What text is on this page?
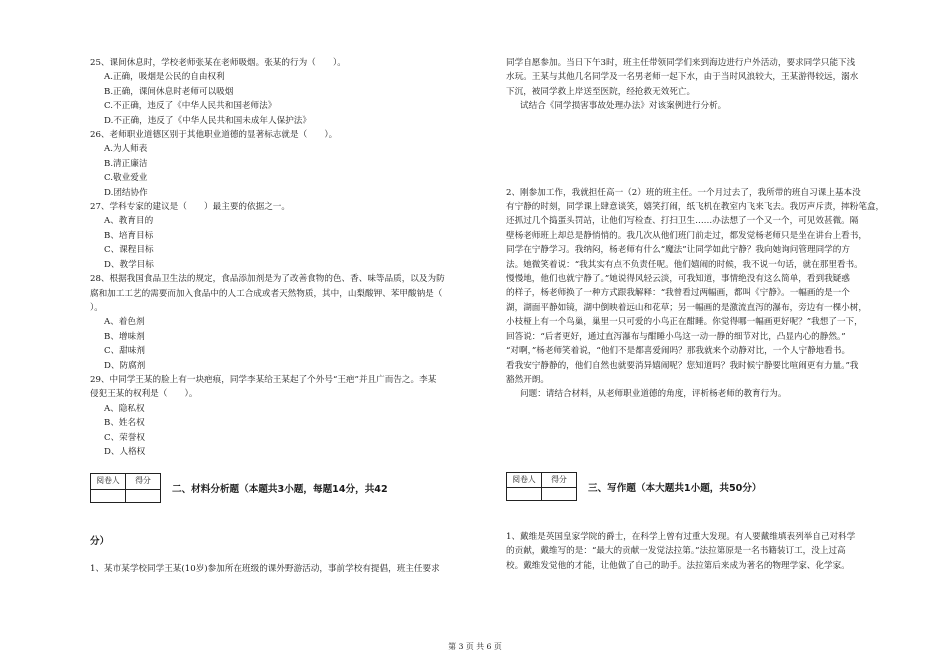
25、课间休息时，学校老师张某在老师吸烟。张某的行为（　　）。
A.正确，吸烟是公民的自由权利
B.正确，课间休息时老师可以吸烟
C.不正确，违反了《中华人民共和国老师法》
D.不正确，违反了《中华人民共和国未成年人保护法》
26、老师职业道德区别于其他职业道德的显著标志就是（　　）。
A.为人师表
B.清正廉洁
C.敬业爱业
D.团结协作
27、学科专家的建议是（　　）最主要的依据之一。
A、教育目的
B、培育目标
C、课程目标
D、教学目标
28、根据我国食品卫生法的规定，食品添加剂是为了改善食物的色、香、味等品质，以及为防
腐和加工工艺的需要而加入食品中的人工合成或者天然物质，其中，山梨酸钾、苯甲酸钠是（
）。
A、着色剂
B、增味剂
C、甜味剂
D、防腐剂
29、中同学王某的脸上有一块疤痕，同学李某给王某起了个外号“王疤”并且广而告之。李某
侵犯王某的权利是（　　）。
A、隐私权
B、姓名权
C、荣誉权
D、人格权
阅卷人	得分

二、材料分析题（本题共3小题，每题14分，共42
分）
1、某市某学校同学王某(10岁)参加所在班级的课外野游活动，事前学校有提倡，班主任要求
同学自愿参加。当日下午3时，班主任带领同学们来到海边进行户外活动，要求同学只能下浅
水玩。王某与其他几名同学及一名男老师一起下水，由于当时风浪较大，王某游得较远，溺水
下沉，被同学救上岸送至医院，经抢救无效死亡。
试结合《同学损害事故处理办法》对该案例进行分析。
2、刚参加工作，我就担任高一（2）班的班主任。一个月过去了，我所带的班自习课上基本没
有宁静的时刻，同学课上肆意谈笑，嬉笑打闹，纸飞机在教室内飞来飞去。我厉声斥责，摔粉笔盒，
还抓过几个捣蛋头罚站，让他们写检查、打扫卫生……办法想了一个又一个，可见效甚微。隔
壁杨老师班上却总是静悄悄的。我几次从他们班门前走过，都发觉杨老师只是坐在讲台上看书，
同学在宁静学习。我纳闷，杨老师有什么“魔法”让同学如此宁静？我向她询问管理同学的方
法。她微笑着说：“我其实有点不负责任呢。他们嬉闹的时候，我不说一句话，就在那里看书。
慢慢地，他们也就宁静了。”她说得风轻云淡，可我知道，事情绝没有这么简单，看到我疑惑
的样子，杨老师换了一种方式跟我解释：“我曾看过两幅画，都叫《宁静》。一幅画的是一个
湖，湖面平静如镜，湖中倒映着远山和花草；另一幅画的是激流直泻的瀑布，旁边有一棵小树，
小枝桠上有一个鸟巢，巢里一只可爱的小鸟正在酣睡。你觉得哪一幅画更好呢？”我想了一下，
回答说：“后者更好，通过直泻瀑布与酣睡小鸟这一动一静的细节对比，凸显内心的静然。”
“对啊，”杨老师笑着说，“他们不是都喜爱闹吗？那我就来个动静对比，一个人宁静地看书。
看我安宁静静的，他们自然也就要消异嬉闹呢？您知道吗？我时候宁静要比喧闹更有力量。”我
豁然开朗。
问题：请结合材料，从老师职业道德的角度，评析杨老师的教育行为。
阅卷人	得分

三、写作题（本大题共1小题，共50分）
1、戴维是英国皇家学院的爵士，在科学上曾有过重大发现。有人要戴维填表列举自己对科学
的贡献，戴维写的是：“最大的贡献一发觉法拉第。”法拉第原是一名书籍装订工，没上过高
校。戴维发觉他的才能，让他做了自己的助手。法拉第后来成为著名的物理学家、化学家。
第 3 页 共 6 页
